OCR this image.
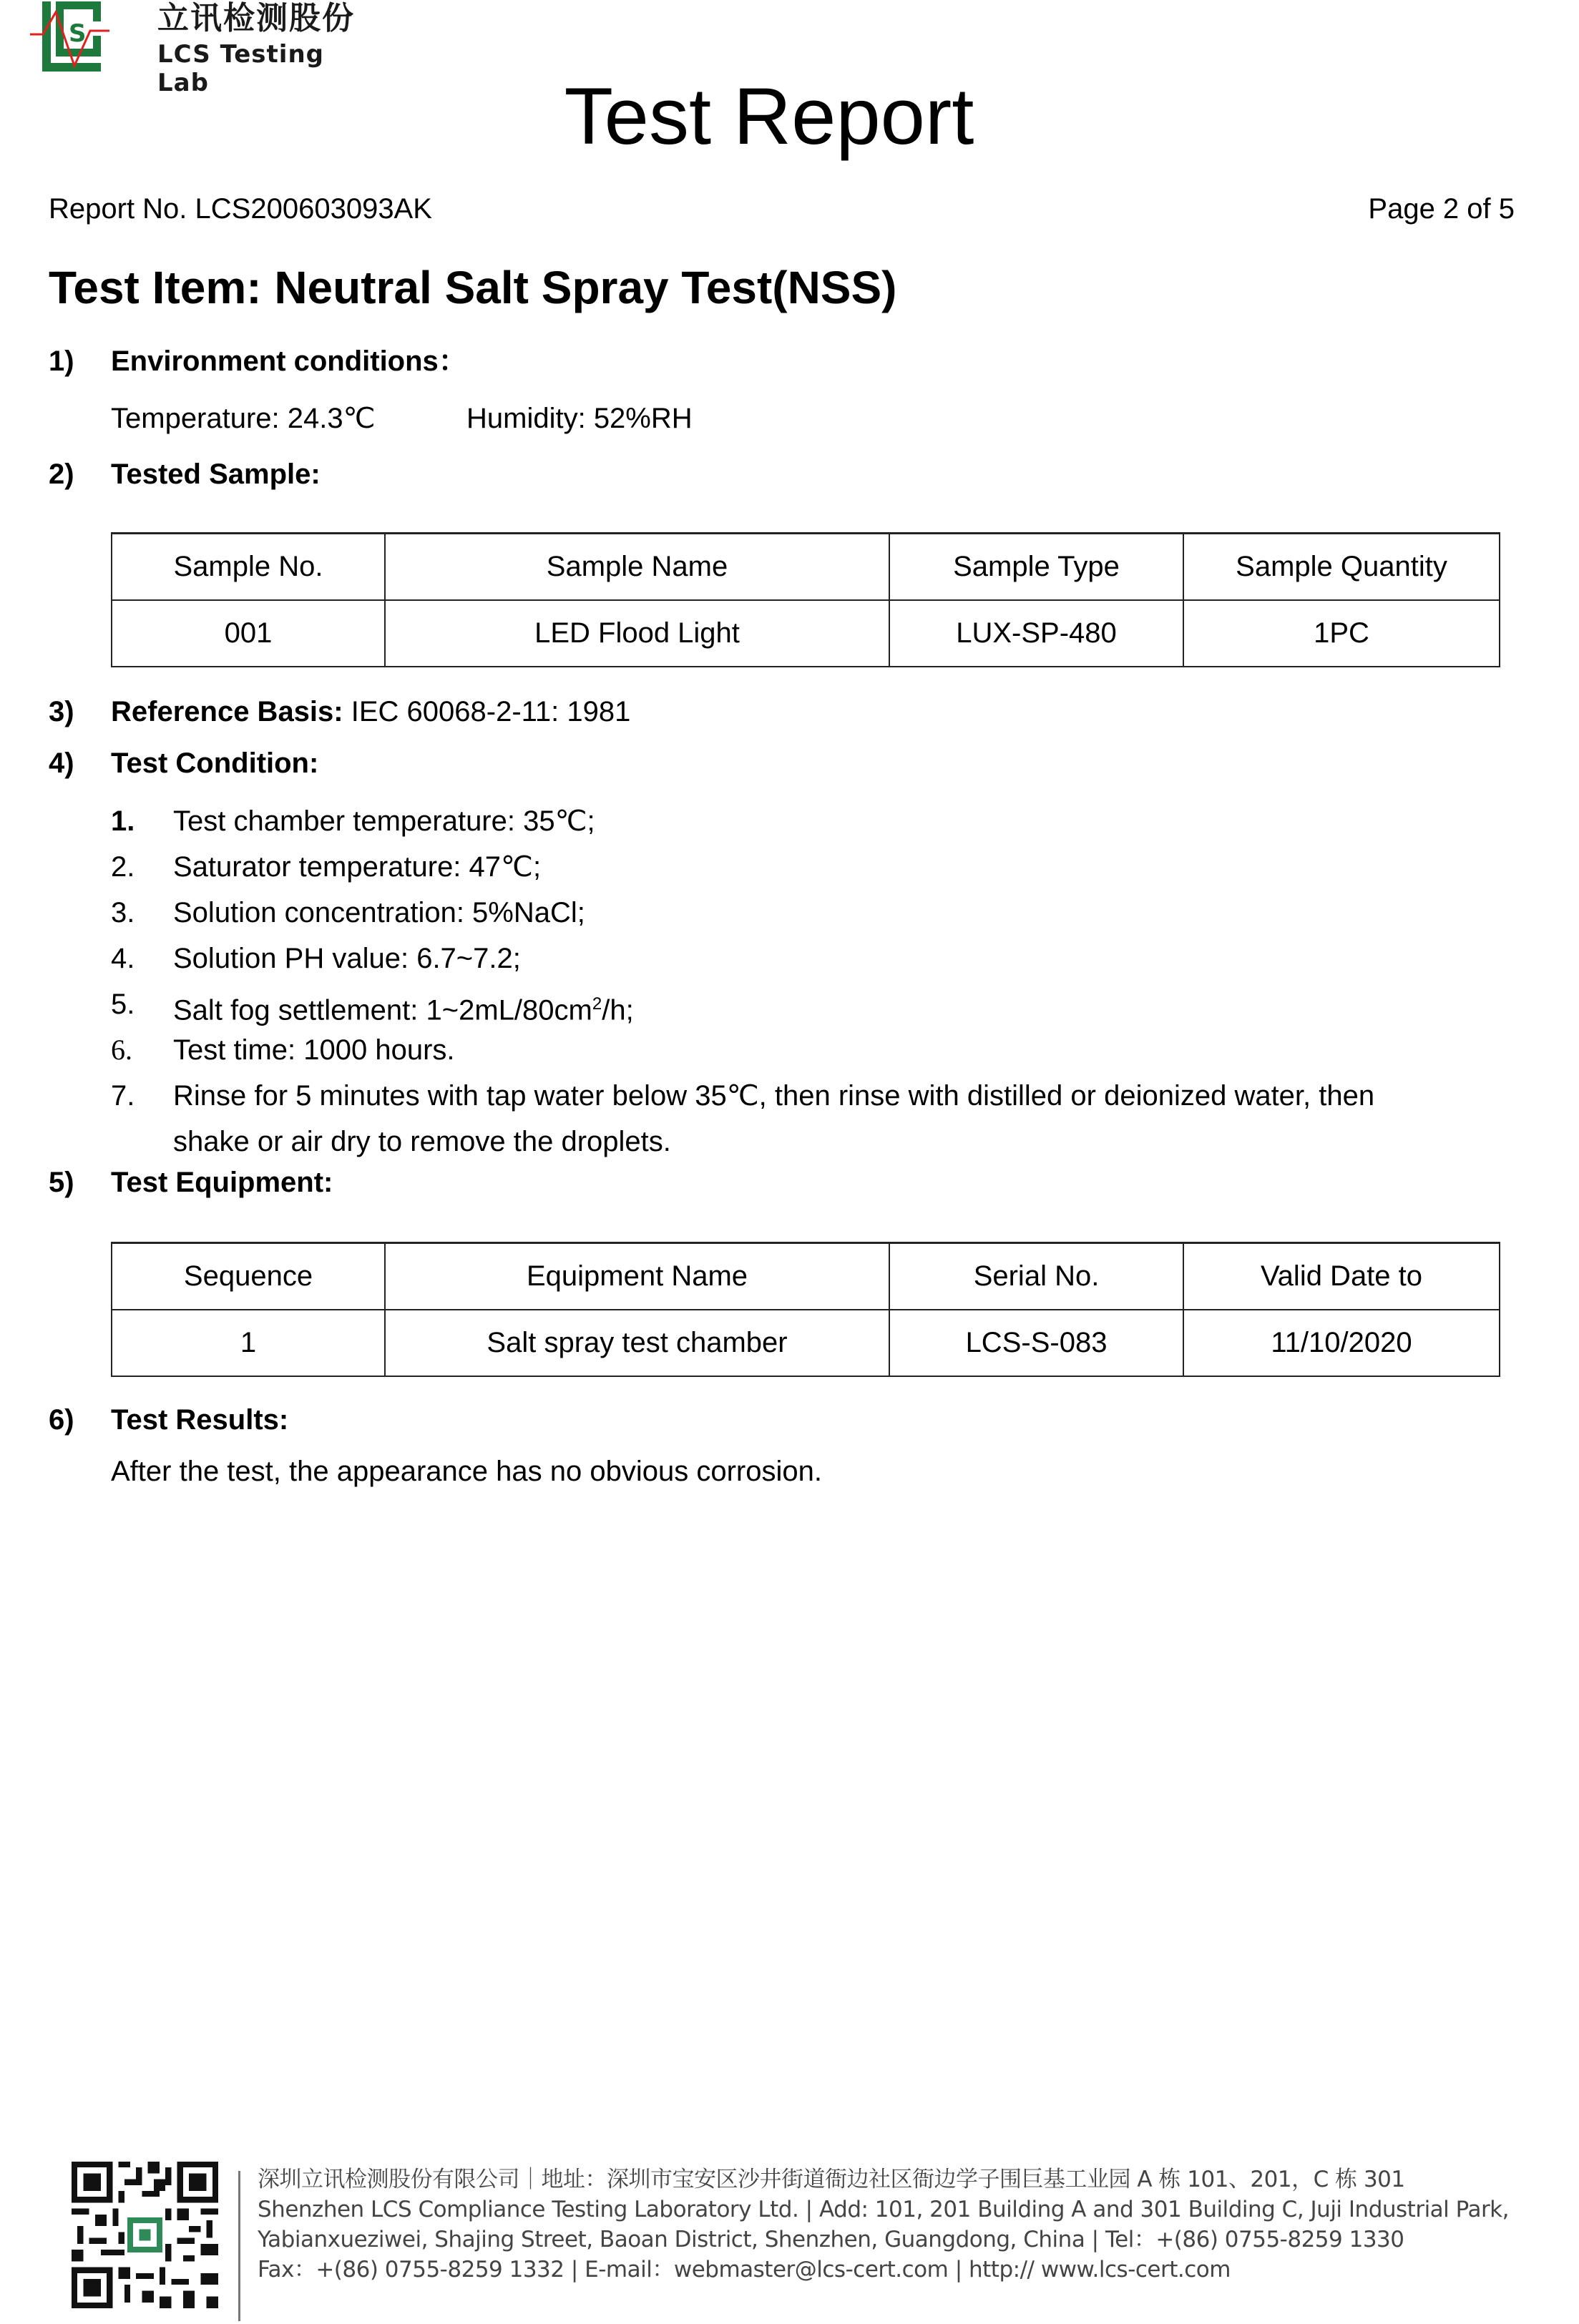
S 立讯检测股份
LCS Testing Lab	Test Report
Report No. LCS200603093AK	Page 2 of 5
Test Item: Neutral Salt Spray Test(NSS)
1) Environment conditions：
Temperature: 24.3℃	Humidity: 52%RH
2) Tested Sample:
Sample No.	Sample Name	Sample Type	Sample Quantity
001	LED Flood Light	LUX-SP-480	1PC
3) Reference Basis: IEC 60068-2-11: 1981
4) Test Condition:
1. Test chamber temperature: 35℃;
2. Saturator temperature: 47℃;
3. Solution concentration: 5%NaCl;
4. Solution PH value: 6.7~7.2;
5. Salt fog settlement: $1\sim 2mL/80cm^2/h$;
6. Test time: 1000 hours.
7. Rinse for 5 minutes with tap water below 35℃, then rinse with distilled or deionized water, then
shake or air dry to remove the droplets.
5) Test Equipment:
Sequence	Equipment Name	Serial No.	Valid Date to
1	Salt spray test chamber	LCS-S-083	11/10/2020
6) Test Results:
After the test, the appearance has no obvious corrosion.
深圳立讯检测股份有限公司｜地址：深圳市宝安区沙井街道衙边社区衙边学子围巨基工业园 A 栋 101、201，C 栋 301
Shenzhen LCS Compliance Testing Laboratory Ltd. | Add: 101, 201 Building A and 301 Building C, Juji Industrial Park,
Yabianxueziwei, Shajing Street, Baoan District, Shenzhen, Guangdong, China | Tel：+(86) 0755-8259 1330
Fax：+(86) 0755-8259 1332 | E-mail：webmaster@lcs-cert.com | http:// www.lcs-cert.com
